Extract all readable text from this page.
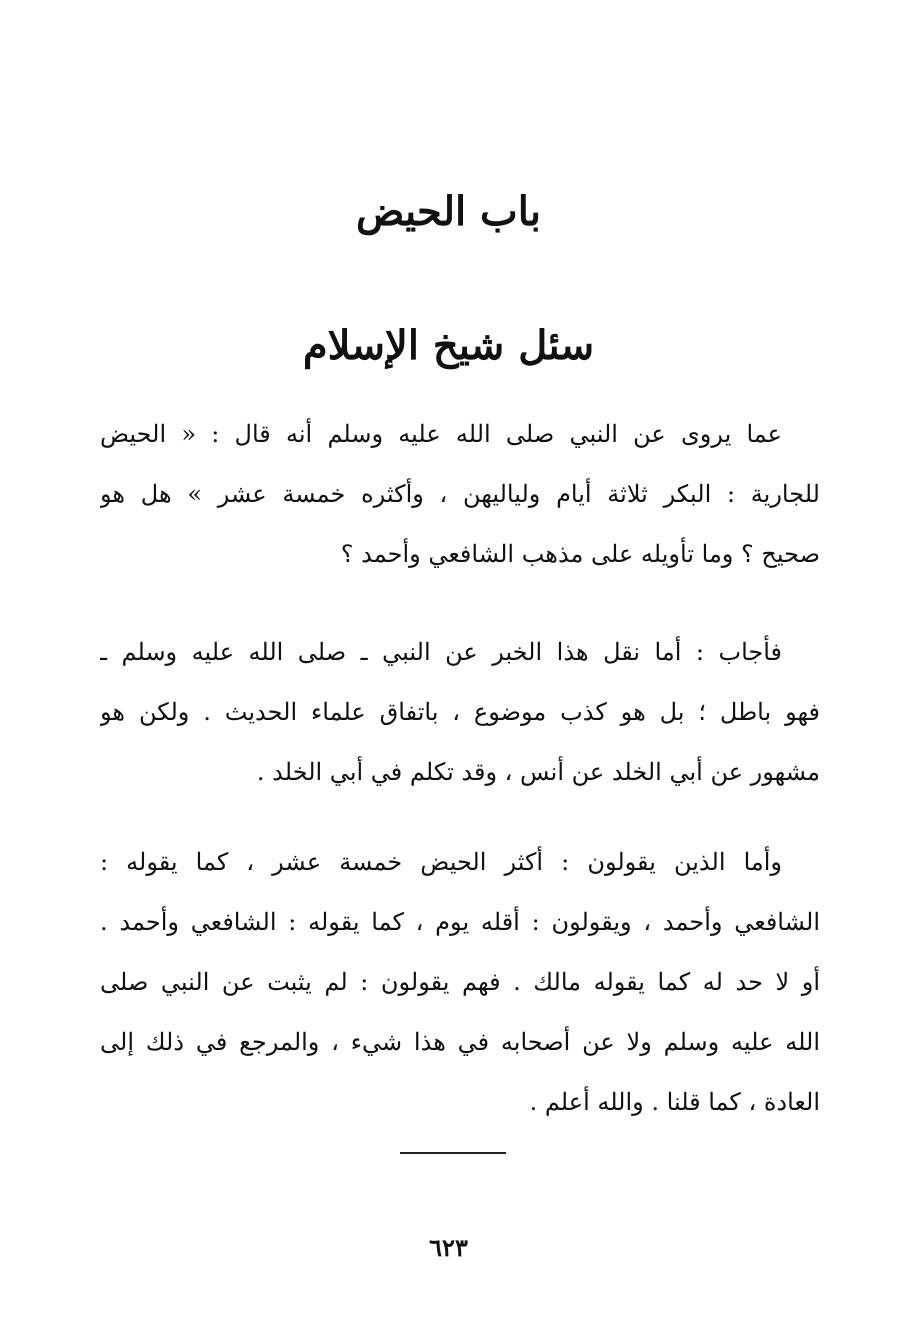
باب الحيض
سئل شيخ الإسلام
عما يروى عن النبي صلى الله عليه وسلم أنه قال : « الحيض
للجارية : البكر ثلاثة أيام ولياليهن ، وأكثره خمسة عشر » هل هو
صحيح ؟ وما تأويله على مذهب الشافعي وأحمد ؟
فأجاب : أما نقل هذا الخبر عن النبي ـ صلى الله عليه وسلم ـ
فهو باطل ؛ بل هو كذب موضوع ، باتفاق علماء الحديث . ولكن هو
مشهور عن أبي الخلد عن أنس ، وقد تكلم في أبي الخلد .
وأما الذين يقولون : أكثر الحيض خمسة عشر ، كما يقوله :
الشافعي وأحمد ، ويقولون : أقله يوم ، كما يقوله : الشافعي وأحمد .
أو لا حد له كما يقوله مالك . فهم يقولون : لم يثبت عن النبي صلى
الله عليه وسلم ولا عن أصحابه في هذا شيء ، والمرجع في ذلك إلى
العادة ، كما قلنا . والله أعلم .
٦٢٣
